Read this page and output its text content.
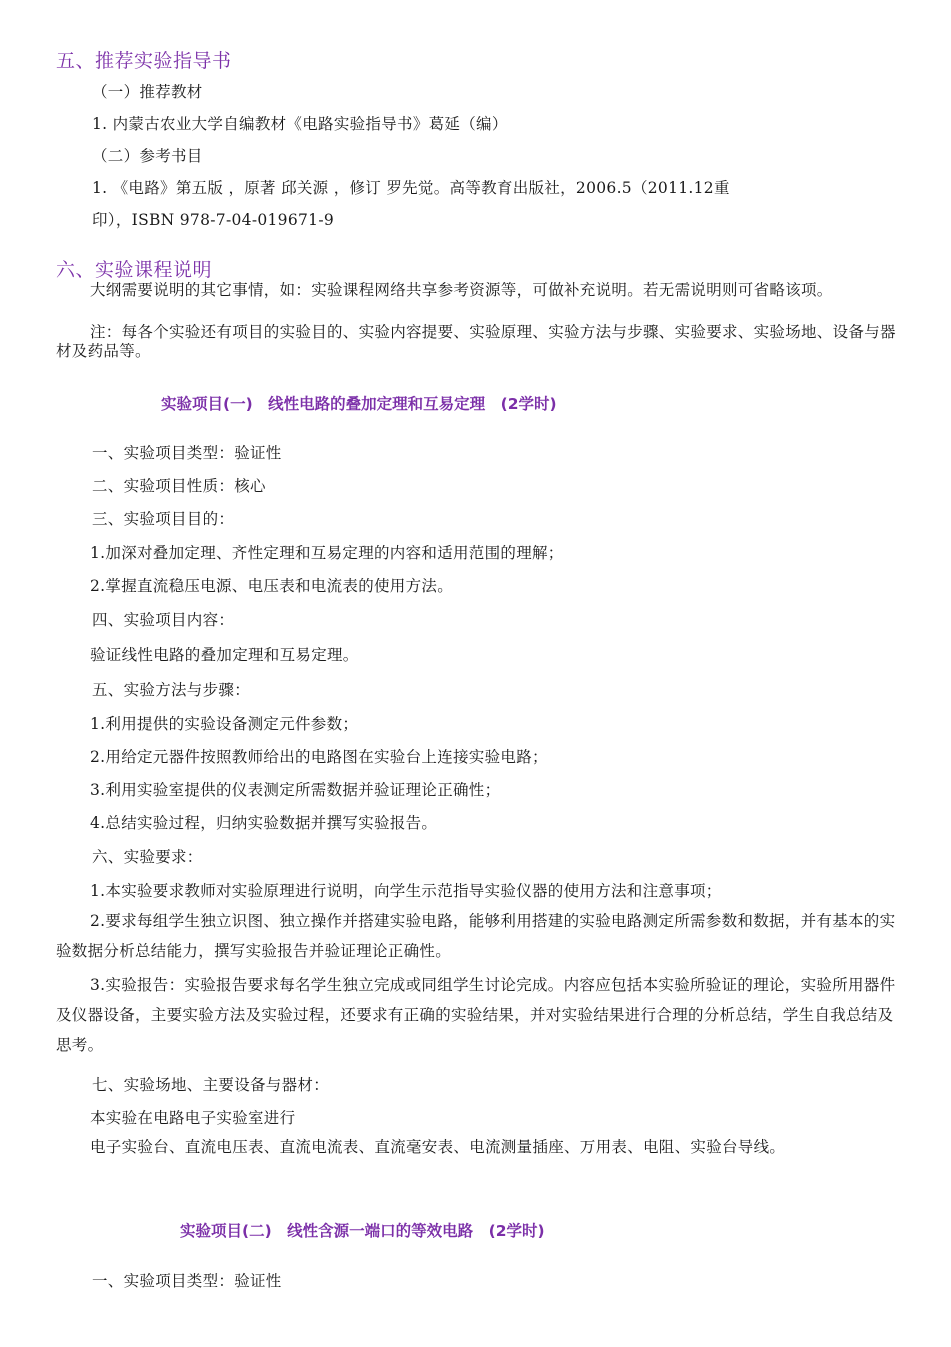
五、推荐实验指导书
（一）推荐教材
1. 内蒙古农业大学自编教材《电路实验指导书》葛延（编）
（二）参考书目
1. 《电路》第五版 ，原著 邱关源 ，修订 罗先觉。高等教育出版社，2006.5（2011.12重
印），ISBN 978-7-04-019671-9
六、实验课程说明
大纲需要说明的其它事情，如：实验课程网络共享参考资源等，可做补充说明。若无需说明则可省略该项。
注：每各个实验还有项目的实验目的、实验内容提要、实验原理、实验方法与步骤、实验要求、实验场地、设备与器材及药品等。
实验项目(一)　线性电路的叠加定理和互易定理　(2学时)
一、实验项目类型：验证性
二、实验项目性质：核心
三、实验项目目的：
1.加深对叠加定理、齐性定理和互易定理的内容和适用范围的理解；
2.掌握直流稳压电源、电压表和电流表的使用方法。
四、实验项目内容：
验证线性电路的叠加定理和互易定理。
五、实验方法与步骤：
1.利用提供的实验设备测定元件参数；
2.用给定元器件按照教师给出的电路图在实验台上连接实验电路；
3.利用实验室提供的仪表测定所需数据并验证理论正确性；
4.总结实验过程，归纳实验数据并撰写实验报告。
六、实验要求：
1.本实验要求教师对实验原理进行说明，向学生示范指导实验仪器的使用方法和注意事项；
2.要求每组学生独立识图、独立操作并搭建实验电路，能够利用搭建的实验电路测定所需参数和数据，并有基本的实验数据分析总结能力，撰写实验报告并验证理论正确性。
3.实验报告：实验报告要求每名学生独立完成或同组学生讨论完成。内容应包括本实验所验证的理论，实验所用器件及仪器设备，主要实验方法及实验过程，还要求有正确的实验结果，并对实验结果进行合理的分析总结，学生自我总结及思考。
七、实验场地、主要设备与器材：
本实验在电路电子实验室进行
电子实验台、直流电压表、直流电流表、直流毫安表、电流测量插座、万用表、电阻、实验台导线。
实验项目(二)　线性含源一端口的等效电路　(2学时)
一、实验项目类型：验证性
